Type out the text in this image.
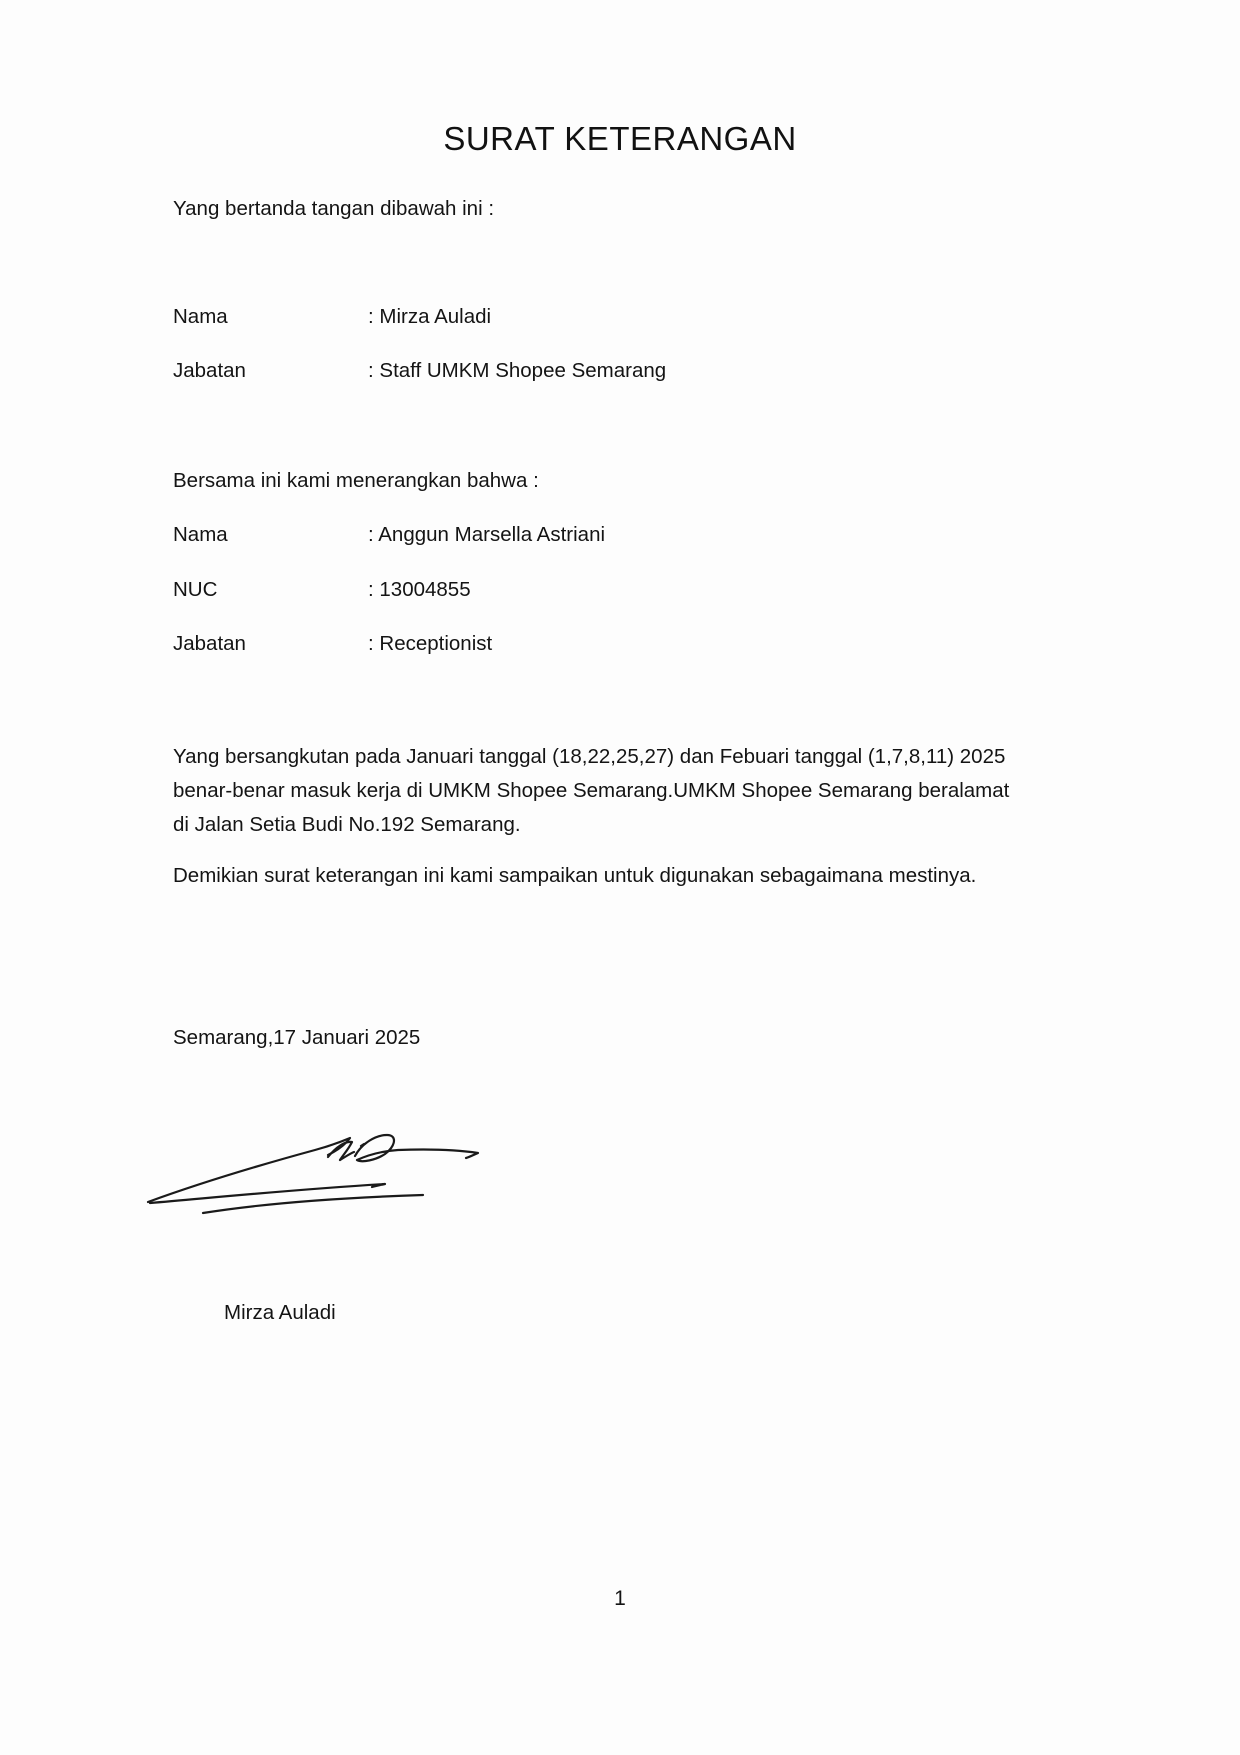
SURAT KETERANGAN
Yang bertanda tangan dibawah ini :
Nama	: Mirza Auladi
Jabatan	: Staff UMKM Shopee Semarang
Bersama ini kami menerangkan bahwa :
Nama	: Anggun Marsella Astriani
NUC	: 13004855
Jabatan	: Receptionist
Yang bersangkutan pada Januari tanggal (18,22,25,27) dan Febuari tanggal (1,7,8,11) 2025
benar-benar masuk kerja di UMKM Shopee Semarang.UMKM Shopee Semarang beralamat
di Jalan Setia Budi No.192 Semarang.
Demikian surat keterangan ini kami sampaikan untuk digunakan sebagaimana mestinya.
Semarang,17 Januari 2025
Mirza Auladi
1
